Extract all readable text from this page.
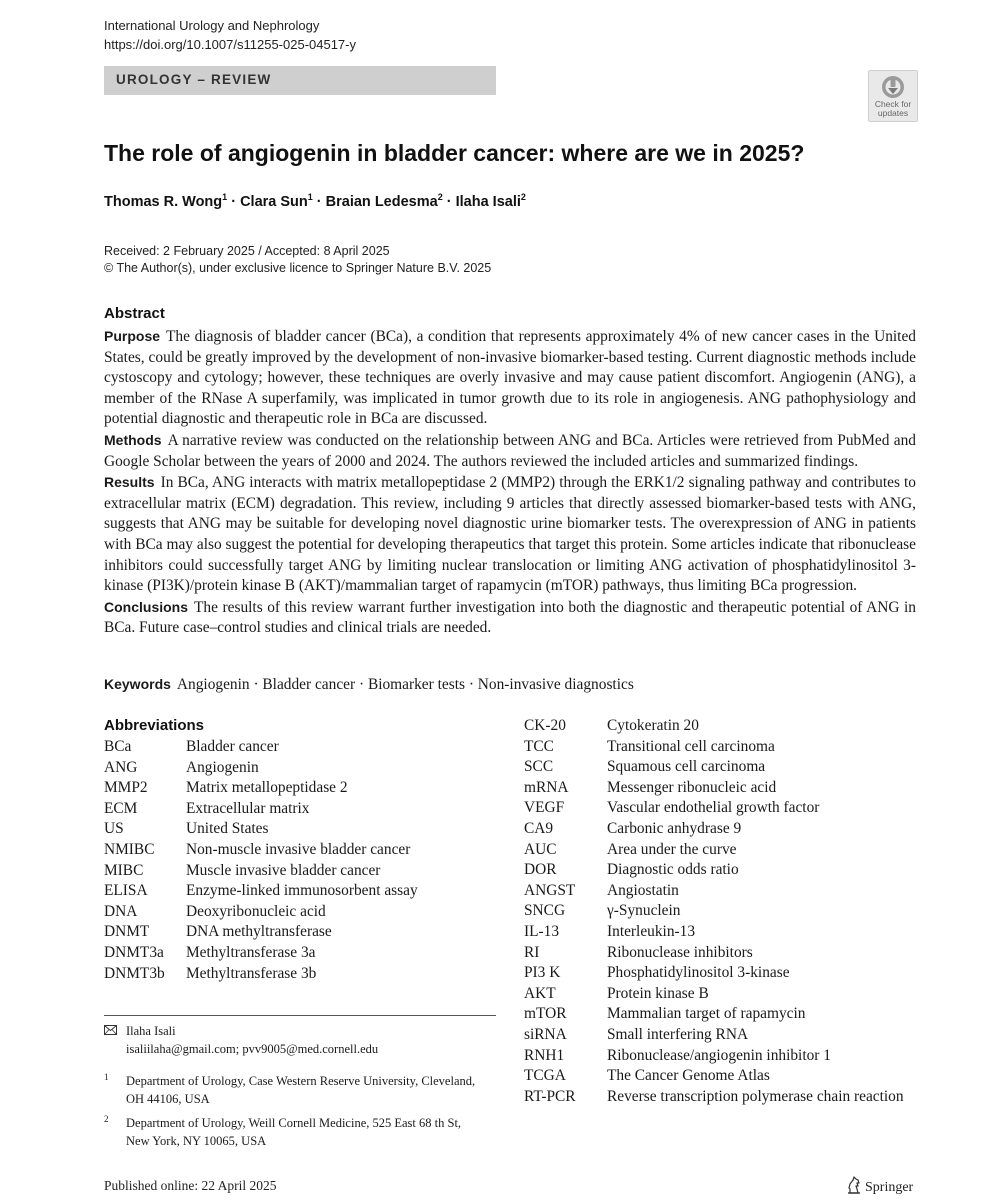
International Urology and Nephrology
https://doi.org/10.1007/s11255-025-04517-y
UROLOGY – REVIEW
Check for
updates
The role of angiogenin in bladder cancer: where are we in 2025?
Thomas R. Wong$^1$ · Clara Sun$^1$ · Braian Ledesma$^2$ · Ilaha Isali$^2$
Received: 2 February 2025 / Accepted: 8 April 2025
© The Author(s), under exclusive licence to Springer Nature B.V. 2025
Abstract

Purpose The diagnosis of bladder cancer (BCa), a condition that represents approximately 4% of new cancer cases in the United States, could be greatly improved by the development of non-invasive biomarker-based testing. Current diagnostic methods include cystoscopy and cytology; however, these techniques are overly invasive and may cause patient discomfort. Angiogenin (ANG), a member of the RNase A superfamily, was implicated in tumor growth due to its role in angiogenesis. ANG pathophysiology and potential diagnostic and therapeutic role in BCa are discussed.

Methods A narrative review was conducted on the relationship between ANG and BCa. Articles were retrieved from PubMed and Google Scholar between the years of 2000 and 2024. The authors reviewed the included articles and summarized findings.

Results In BCa, ANG interacts with matrix metallopeptidase 2 (MMP2) through the ERK1/2 signaling pathway and contributes to extracellular matrix (ECM) degradation. This review, including 9 articles that directly assessed biomarker-based tests with ANG, suggests that ANG may be suitable for developing novel diagnostic urine biomarker tests. The overexpression of ANG in patients with BCa may also suggest the potential for developing therapeutics that target this protein. Some articles indicate that ribonuclease inhibitors could successfully target ANG by limiting nuclear translocation or limiting ANG activation of phosphatidylinositol 3-kinase (PI3K)/protein kinase B (AKT)/mammalian target of rapamycin (mTOR) pathways, thus limiting BCa progression.

Conclusions The results of this review warrant further investigation into both the diagnostic and therapeutic potential of ANG in BCa. Future case–control studies and clinical trials are needed.

Keywords Angiogenin · Bladder cancer · Biomarker tests · Non-invasive diagnostics
Abbreviations
BCa	Bladder cancer
ANG	Angiogenin
MMP2 Matrix metallopeptidase 2
ECM	Extracellular matrix
US	United States
NMIBC Non-muscle invasive bladder cancer
MIBC	Muscle invasive bladder cancer
ELISA Enzyme-linked immunosorbent assay
DNA	Deoxyribonucleic acid
DNMT DNA methyltransferase
DNMT3a Methyltransferase 3a
DNMT3b Methyltransferase 3b
CK-20	Cytokeratin 20
TCC	Transitional cell carcinoma
SCC	Squamous cell carcinoma
mRNA	Messenger ribonucleic acid
VEGF	Vascular endothelial growth factor
CA9	Carbonic anhydrase 9
AUC	Area under the curve
DOR	Diagnostic odds ratio
ANGST Angiostatin
SNCG	γ-Synuclein
IL-13	Interleukin-13
RI	Ribonuclease inhibitors
PI3 K	Phosphatidylinositol 3-kinase
AKT	Protein kinase B
mTOR	Mammalian target of rapamycin
siRNA	Small interfering RNA
RNH1	Ribonuclease/angiogenin inhibitor 1
TCGA	The Cancer Genome Atlas
RT-PCR Reverse transcription polymerase chain reaction
Ilaha Isali
isaliilaha@gmail.com; pvv9005@med.cornell.edu
1 Department of Urology, Case Western Reserve University, Cleveland, OH 44106, USA
2 Department of Urology, Weill Cornell Medicine, 525 East 68 th St, New York, NY 10065, USA
Published online: 22 April 2025	Springer
